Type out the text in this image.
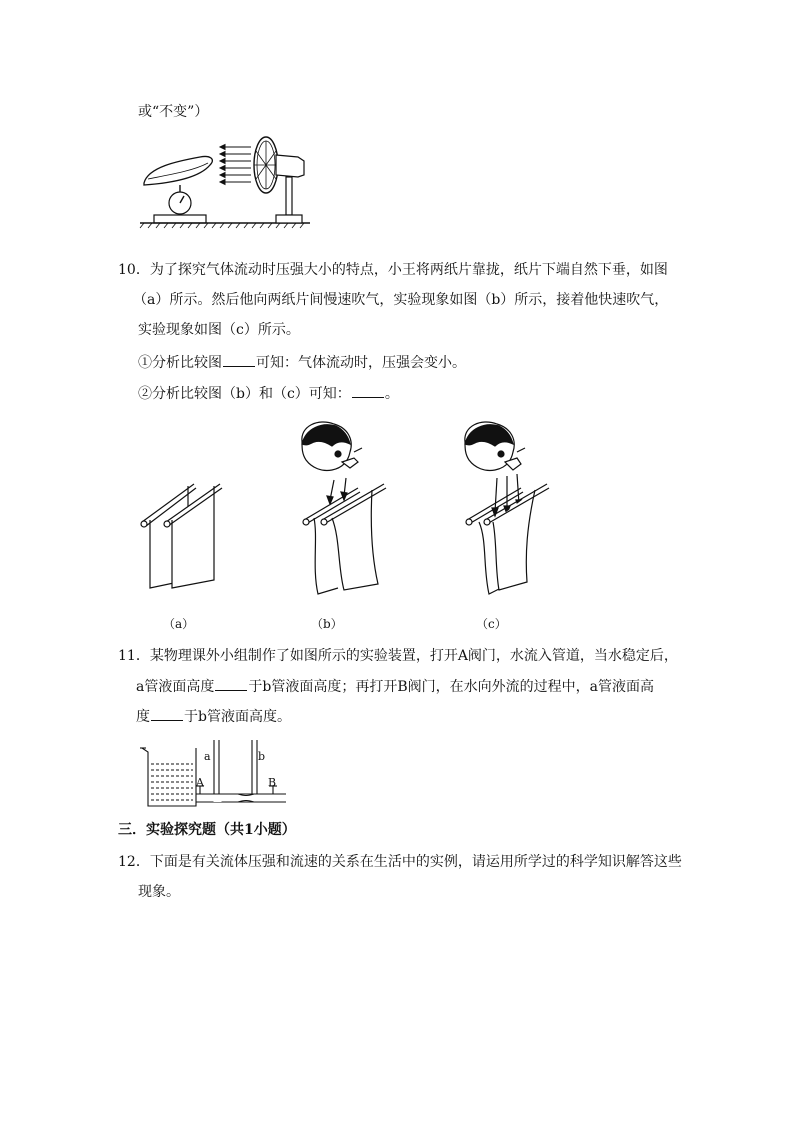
或“不变”）
10．为了探究气体流动时压强大小的特点，小王将两纸片靠拢，纸片下端自然下垂，如图
（a）所示。然后他向两纸片间慢速吹气，实验现象如图（b）所示，接着他快速吹气，
实验现象如图（c）所示。
①分析比较图 可知：气体流动时，压强会变小。
②分析比较图（b）和（c）可知： 。
（a）	（b）	（c）
11．某物理课外小组制作了如图所示的实验装置，打开A阀门，水流入管道，当水稳定后，
a管液面高度 于b管液面高度；再打开B阀门，在水向外流的过程中，a管液面高
度 于b管液面高度。
a	b
A	B
三．实验探究题（共1小题）
12．下面是有关流体压强和流速的关系在生活中的实例，请运用所学过的科学知识解答这些
现象。
